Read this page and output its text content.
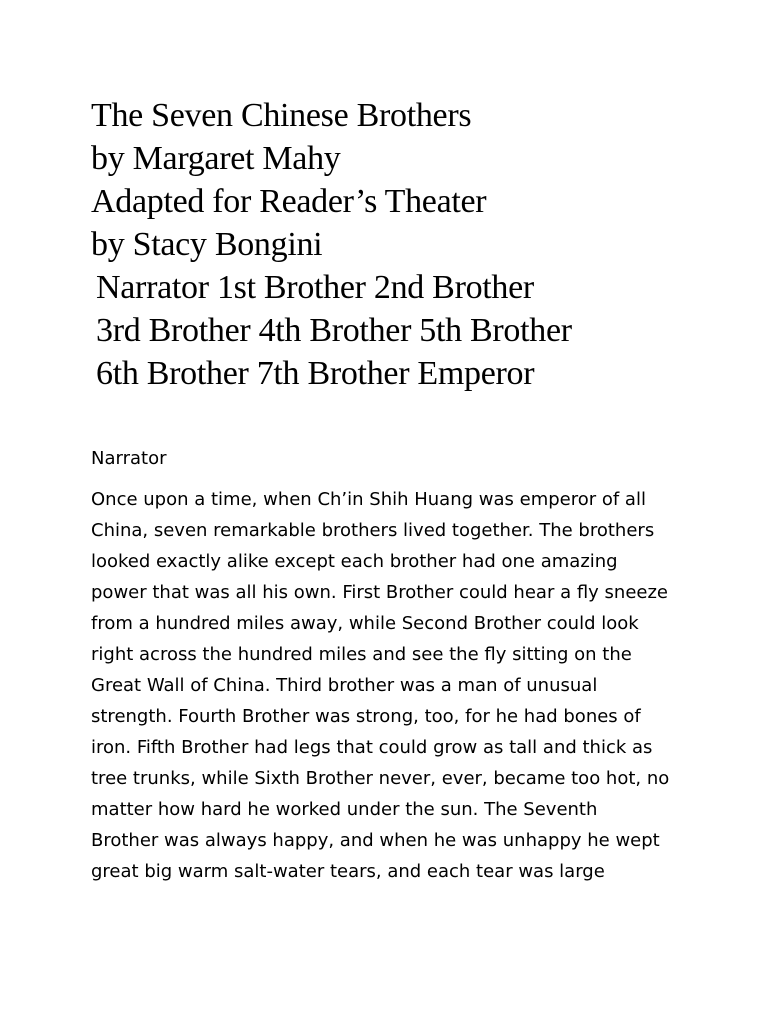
The Seven Chinese Brothers
by Margaret Mahy
Adapted for Reader’s Theater
by Stacy Bongini
Narrator 1st Brother 2nd Brother
3rd Brother 4th Brother 5th Brother
6th Brother 7th Brother Emperor
Narrator
Once upon a time, when Ch’in Shih Huang was emperor of all
China, seven remarkable brothers lived together. The brothers
looked exactly alike except each brother had one amazing
power that was all his own. First Brother could hear a fly sneeze
from a hundred miles away, while Second Brother could look
right across the hundred miles and see the fly sitting on the
Great Wall of China. Third brother was a man of unusual
strength. Fourth Brother was strong, too, for he had bones of
iron. Fifth Brother had legs that could grow as tall and thick as
tree trunks, while Sixth Brother never, ever, became too hot, no
matter how hard he worked under the sun. The Seventh
Brother was always happy, and when he was unhappy he wept
great big warm salt-water tears, and each tear was large
